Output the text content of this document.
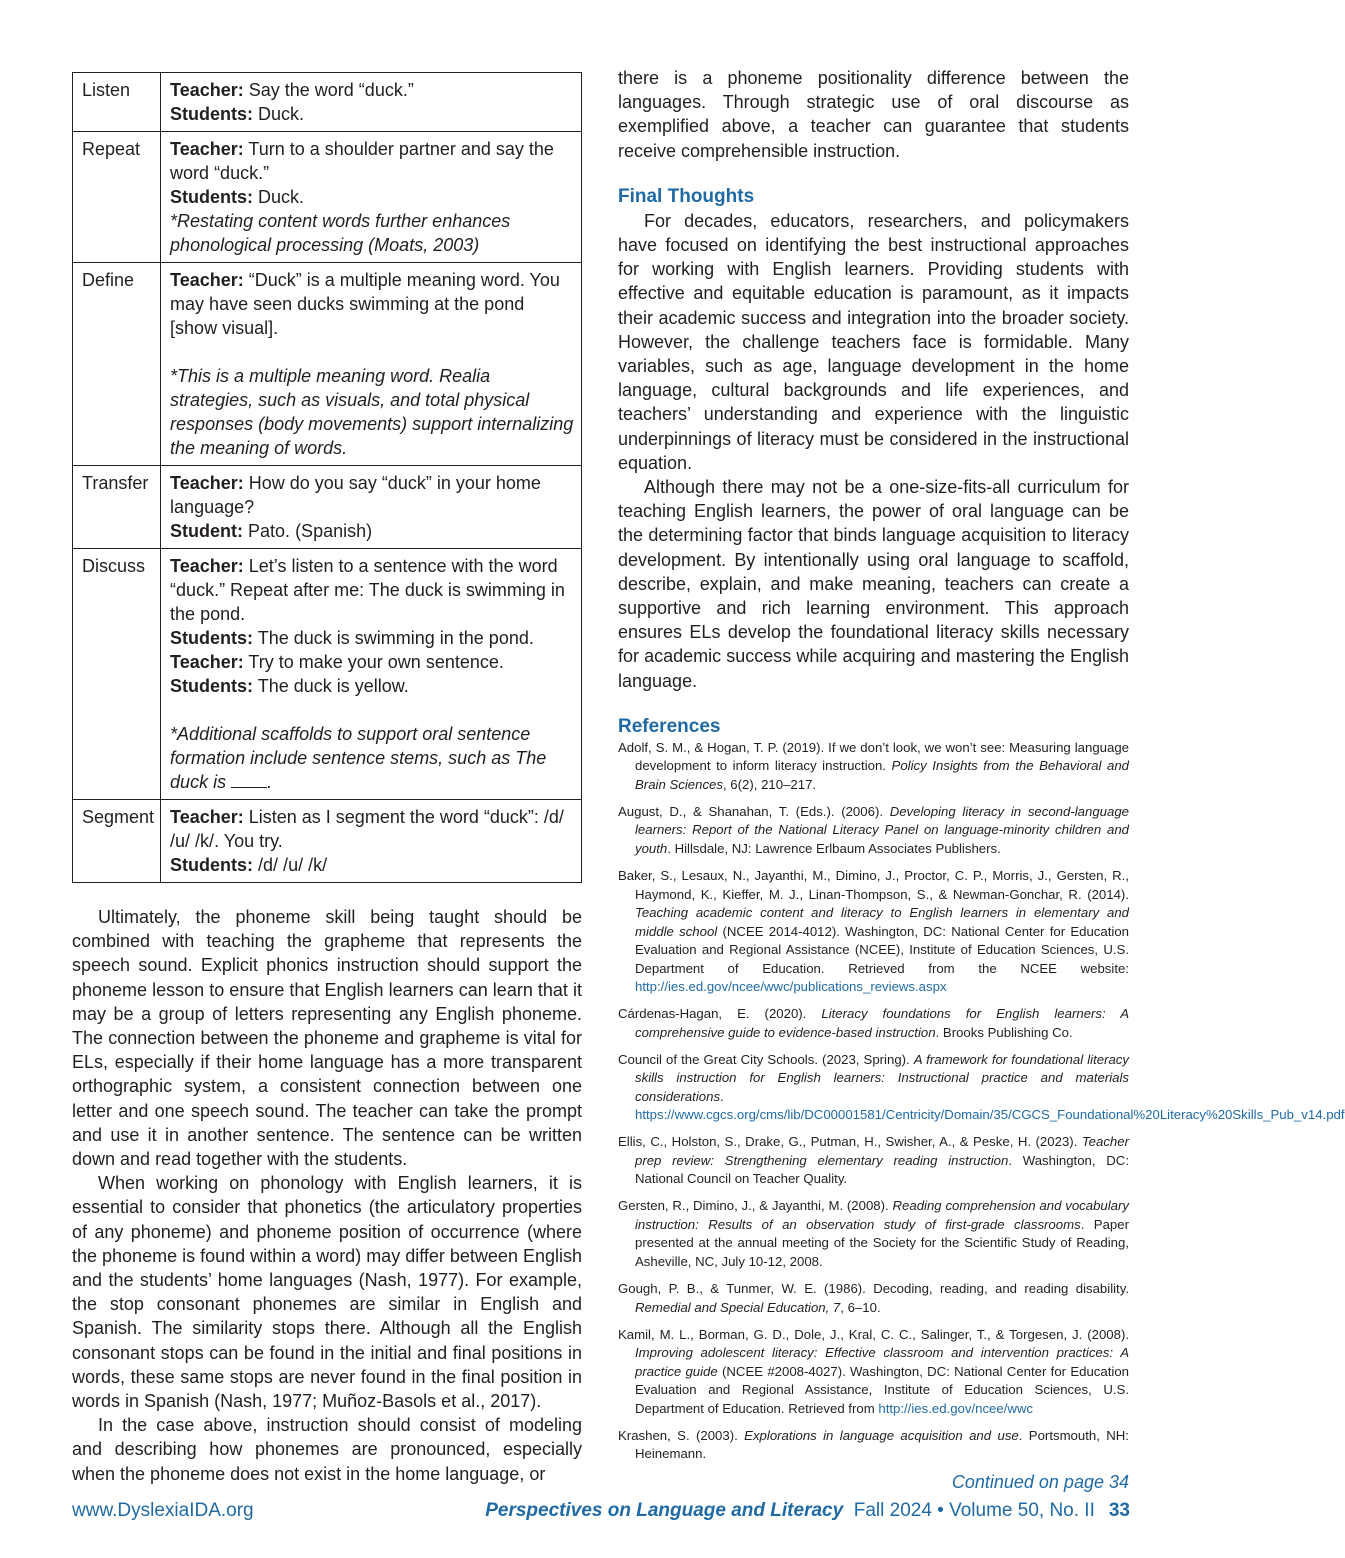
Listen	Teacher: Say the word “duck.”
Students: Duck.

Repeat	Teacher: Turn to a shoulder partner and say the word “duck.”
Students: Duck.
*Restating content words further enhances phonological processing (Moats, 2003)

Define	Teacher: “Duck” is a multiple meaning word. You may have seen ducks swimming at the pond [show visual].
*This is a multiple meaning word. Realia strategies, such as visuals, and total physical responses (body movements) support internalizing the meaning of words.

Transfer	Teacher: How do you say “duck” in your home language?
Student: Pato. (Spanish)

Discuss	Teacher: Let’s listen to a sentence with the word “duck.” Repeat after me: The duck is swimming in the pond.
Students: The duck is swimming in the pond.
Teacher: Try to make your own sentence.
Students: The duck is yellow.
*Additional scaffolds to support oral sentence formation include sentence stems, such as The duck is .

Segment	Teacher: Listen as I segment the word “duck”: /d/ /u/ /k/. You try.
Students: /d/ /u/ /k/

Ultimately, the phoneme skill being taught should be combined with teaching the grapheme that represents the speech sound. Explicit phonics instruction should support the phoneme lesson to ensure that English learners can learn that it may be a group of letters representing any English phoneme. The connection between the phoneme and grapheme is vital for ELs, especially if their home language has a more transparent orthographic system, a consistent connection between one letter and one speech sound. The teacher can take the prompt and use it in another sentence. The sentence can be written down and read together with the students.

When working on phonology with English learners, it is essential to consider that phonetics (the articulatory properties of any phoneme) and phoneme position of occurrence (where the phoneme is found within a word) may differ between English and the students’ home languages (Nash, 1977). For example, the stop consonant phonemes are similar in English and Spanish. The similarity stops there. Although all the English consonant stops can be found in the initial and final positions in words, these same stops are never found in the final position in words in Spanish (Nash, 1977; Muñoz-Basols et al., 2017).

In the case above, instruction should consist of modeling and describing how phonemes are pronounced, especially when the phoneme does not exist in the home language, or

there is a phoneme positionality difference between the languages. Through strategic use of oral discourse as exemplified above, a teacher can guarantee that students receive comprehensible instruction.

Final Thoughts

For decades, educators, researchers, and policymakers have focused on identifying the best instructional approaches for working with English learners. Providing students with effective and equitable education is paramount, as it impacts their academic success and integration into the broader society. However, the challenge teachers face is formidable. Many variables, such as age, language development in the home language, cultural backgrounds and life experiences, and teachers’ understanding and experience with the linguistic underpinnings of literacy must be considered in the instructional equation.

Although there may not be a one-size-fits-all curriculum for teaching English learners, the power of oral language can be the determining factor that binds language acquisition to literacy development. By intentionally using oral language to scaffold, describe, explain, and make meaning, teachers can create a supportive and rich learning environment. This approach ensures ELs develop the foundational literacy skills necessary for academic success while acquiring and mastering the English language.

References

Adolf, S. M., & Hogan, T. P. (2019). If we don’t look, we won’t see: Measuring language development to inform literacy instruction. Policy Insights from the Behavioral and Brain Sciences, 6(2), 210–217.

August, D., & Shanahan, T. (Eds.). (2006). Developing literacy in second-language learners: Report of the National Literacy Panel on language-minority children and youth. Hillsdale, NJ: Lawrence Erlbaum Associates Publishers.

Baker, S., Lesaux, N., Jayanthi, M., Dimino, J., Proctor, C. P., Morris, J., Gersten, R., Haymond, K., Kieffer, M. J., Linan-Thompson, S., & Newman-Gonchar, R. (2014). Teaching academic content and literacy to English learners in elementary and middle school (NCEE 2014-4012). Washington, DC: National Center for Education Evaluation and Regional Assistance (NCEE), Institute of Education Sciences, U.S. Department of Education. Retrieved from the NCEE website: http://ies.ed.gov/ncee/wwc/publications_reviews.aspx

Cárdenas-Hagan, E. (2020). Literacy foundations for English learners: A comprehensive guide to evidence-based instruction. Brooks Publishing Co.

Council of the Great City Schools. (2023, Spring). A framework for foundational literacy skills instruction for English learners: Instructional practice and materials considerations. https://www.cgcs.org/cms/lib/DC00001581/Centricity/Domain/35/CGCS_Foundational%20Literacy%20Skills_Pub_v14.pdf

Ellis, C., Holston, S., Drake, G., Putman, H., Swisher, A., & Peske, H. (2023). Teacher prep review: Strengthening elementary reading instruction. Washington, DC: National Council on Teacher Quality.

Gersten, R., Dimino, J., & Jayanthi, M. (2008). Reading comprehension and vocabulary instruction: Results of an observation study of first-grade classrooms. Paper presented at the annual meeting of the Society for the Scientific Study of Reading, Asheville, NC, July 10-12, 2008.

Gough, P. B., & Tunmer, W. E. (1986). Decoding, reading, and reading disability. Remedial and Special Education, 7, 6–10.

Kamil, M. L., Borman, G. D., Dole, J., Kral, C. C., Salinger, T., & Torgesen, J. (2008). Improving adolescent literacy: Effective classroom and intervention practices: A practice guide (NCEE #2008-4027). Washington, DC: National Center for Education Evaluation and Regional Assistance, Institute of Education Sciences, U.S. Department of Education. Retrieved from http://ies.ed.gov/ncee/wwc

Krashen, S. (2003). Explorations in language acquisition and use. Portsmouth, NH: Heinemann.

Continued on page 34
www.DyslexiaIDA.org	Perspectives on Language and Literacy Fall 2024 • Volume 50, No. II 33
